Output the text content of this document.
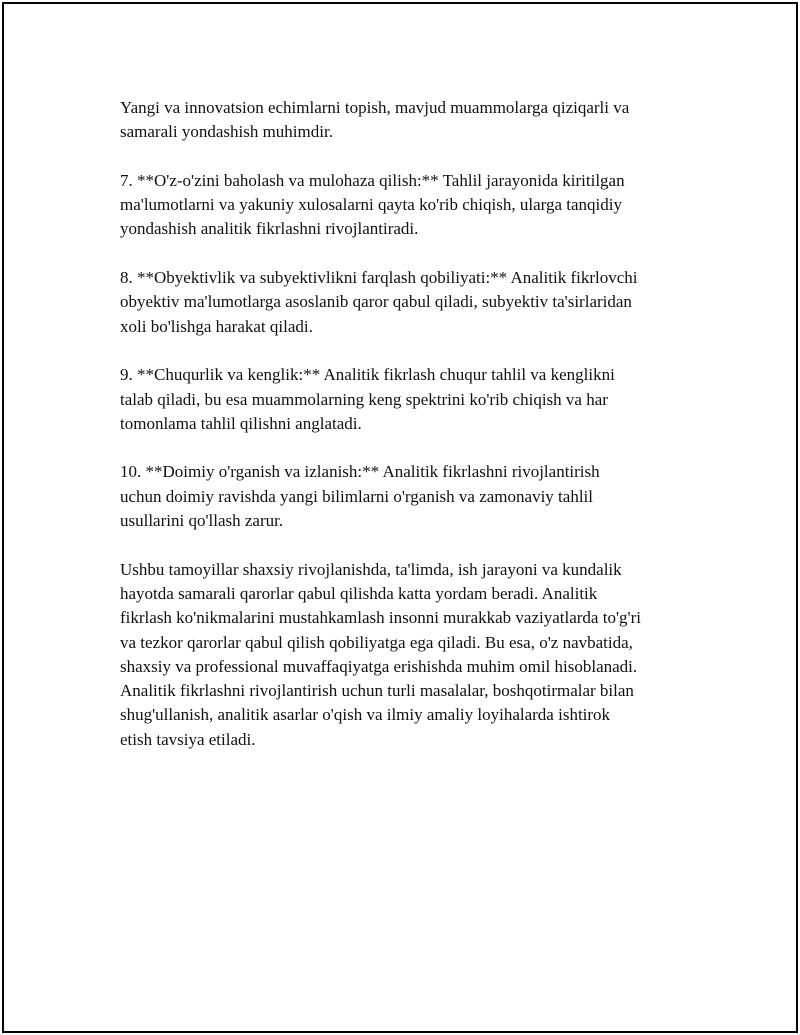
Yangi va innovatsion echimlarni topish, mavjud muammolarga qiziqarli va
samarali yondashish muhimdir.

7. **O'z-o'zini baholash va mulohaza qilish:** Tahlil jarayonida kiritilgan
ma'lumotlarni va yakuniy xulosalarni qayta ko'rib chiqish, ularga tanqidiy
yondashish analitik fikrlashni rivojlantiradi.

8. **Obyektivlik va subyektivlikni farqlash qobiliyati:** Analitik fikrlovchi
obyektiv ma'lumotlarga asoslanib qaror qabul qiladi, subyektiv ta'sirlaridan
xoli bo'lishga harakat qiladi.

9. **Chuqurlik va kenglik:** Analitik fikrlash chuqur tahlil va kenglikni
talab qiladi, bu esa muammolarning keng spektrini ko'rib chiqish va har
tomonlama tahlil qilishni anglatadi.

10. **Doimiy o'rganish va izlanish:** Analitik fikrlashni rivojlantirish
uchun doimiy ravishda yangi bilimlarni o'rganish va zamonaviy tahlil
usullarini qo'llash zarur.

Ushbu tamoyillar shaxsiy rivojlanishda, ta'limda, ish jarayoni va kundalik
hayotda samarali qarorlar qabul qilishda katta yordam beradi. Analitik
fikrlash ko'nikmalarini mustahkamlash insonni murakkab vaziyatlarda to'g'ri
va tezkor qarorlar qabul qilish qobiliyatga ega qiladi. Bu esa, o'z navbatida,
shaxsiy va professional muvaffaqiyatga erishishda muhim omil hisoblanadi.
Analitik fikrlashni rivojlantirish uchun turli masalalar, boshqotirmalar bilan
shug'ullanish, analitik asarlar o'qish va ilmiy amaliy loyihalarda ishtirok
etish tavsiya etiladi.
